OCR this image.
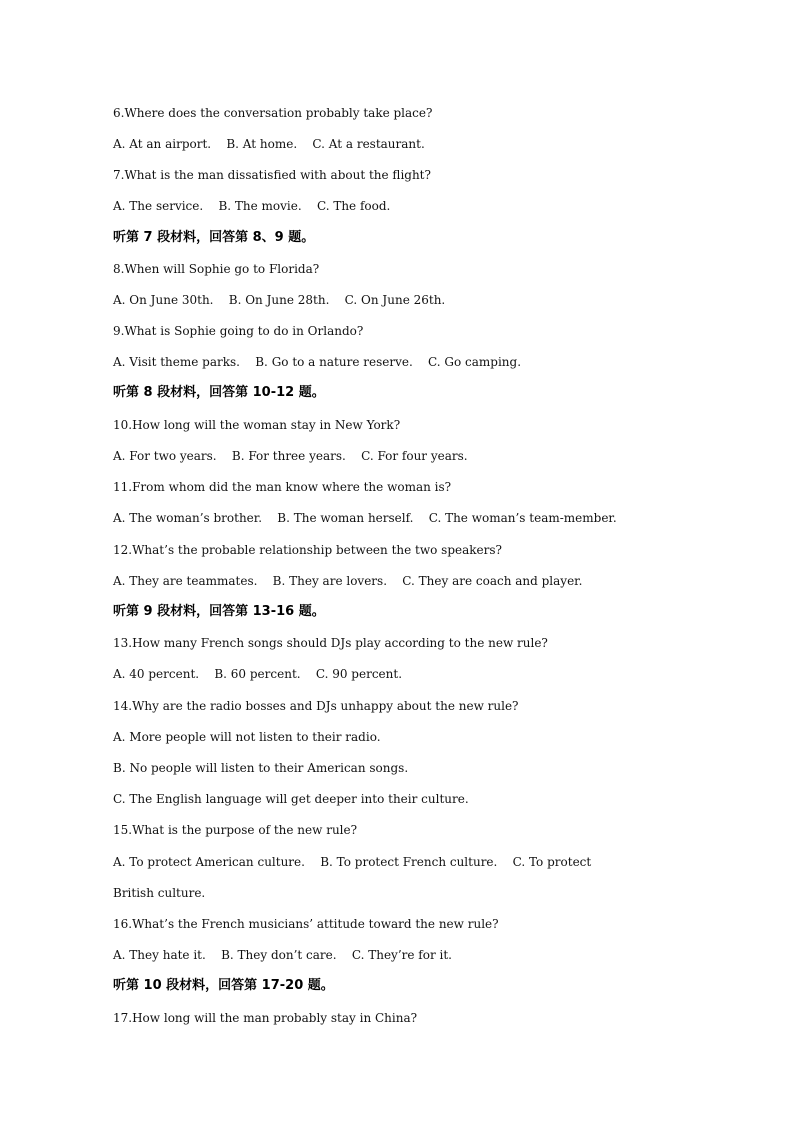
6.Where does the conversation probably take place?
A. At an airport.    B. At home.    C. At a restaurant.
7.What is the man dissatisfied with about the flight?
A. The service.    B. The movie.    C. The food.
听第 7 段材料，回答第 8、9 题。
8.When will Sophie go to Florida?
A. On June 30th.    B. On June 28th.    C. On June 26th.
9.What is Sophie going to do in Orlando?
A. Visit theme parks.    B. Go to a nature reserve.    C. Go camping.
听第 8 段材料，回答第 10-12 题。
10.How long will the woman stay in New York?
A. For two years.    B. For three years.    C. For four years.
11.From whom did the man know where the woman is?
A. The woman’s brother.    B. The woman herself.    C. The woman’s team-member.
12.What’s the probable relationship between the two speakers?
A. They are teammates.    B. They are lovers.    C. They are coach and player.
听第 9 段材料，回答第 13-16 题。
13.How many French songs should DJs play according to the new rule?
A. 40 percent.    B. 60 percent.    C. 90 percent.
14.Why are the radio bosses and DJs unhappy about the new rule?
A. More people will not listen to their radio.
B. No people will listen to their American songs.
C. The English language will get deeper into their culture.
15.What is the purpose of the new rule?
A. To protect American culture.    B. To protect French culture.    C. To protect
British culture.
16.What’s the French musicians’ attitude toward the new rule?
A. They hate it.    B. They don’t care.    C. They’re for it.
听第 10 段材料，回答第 17-20 题。
17.How long will the man probably stay in China?
